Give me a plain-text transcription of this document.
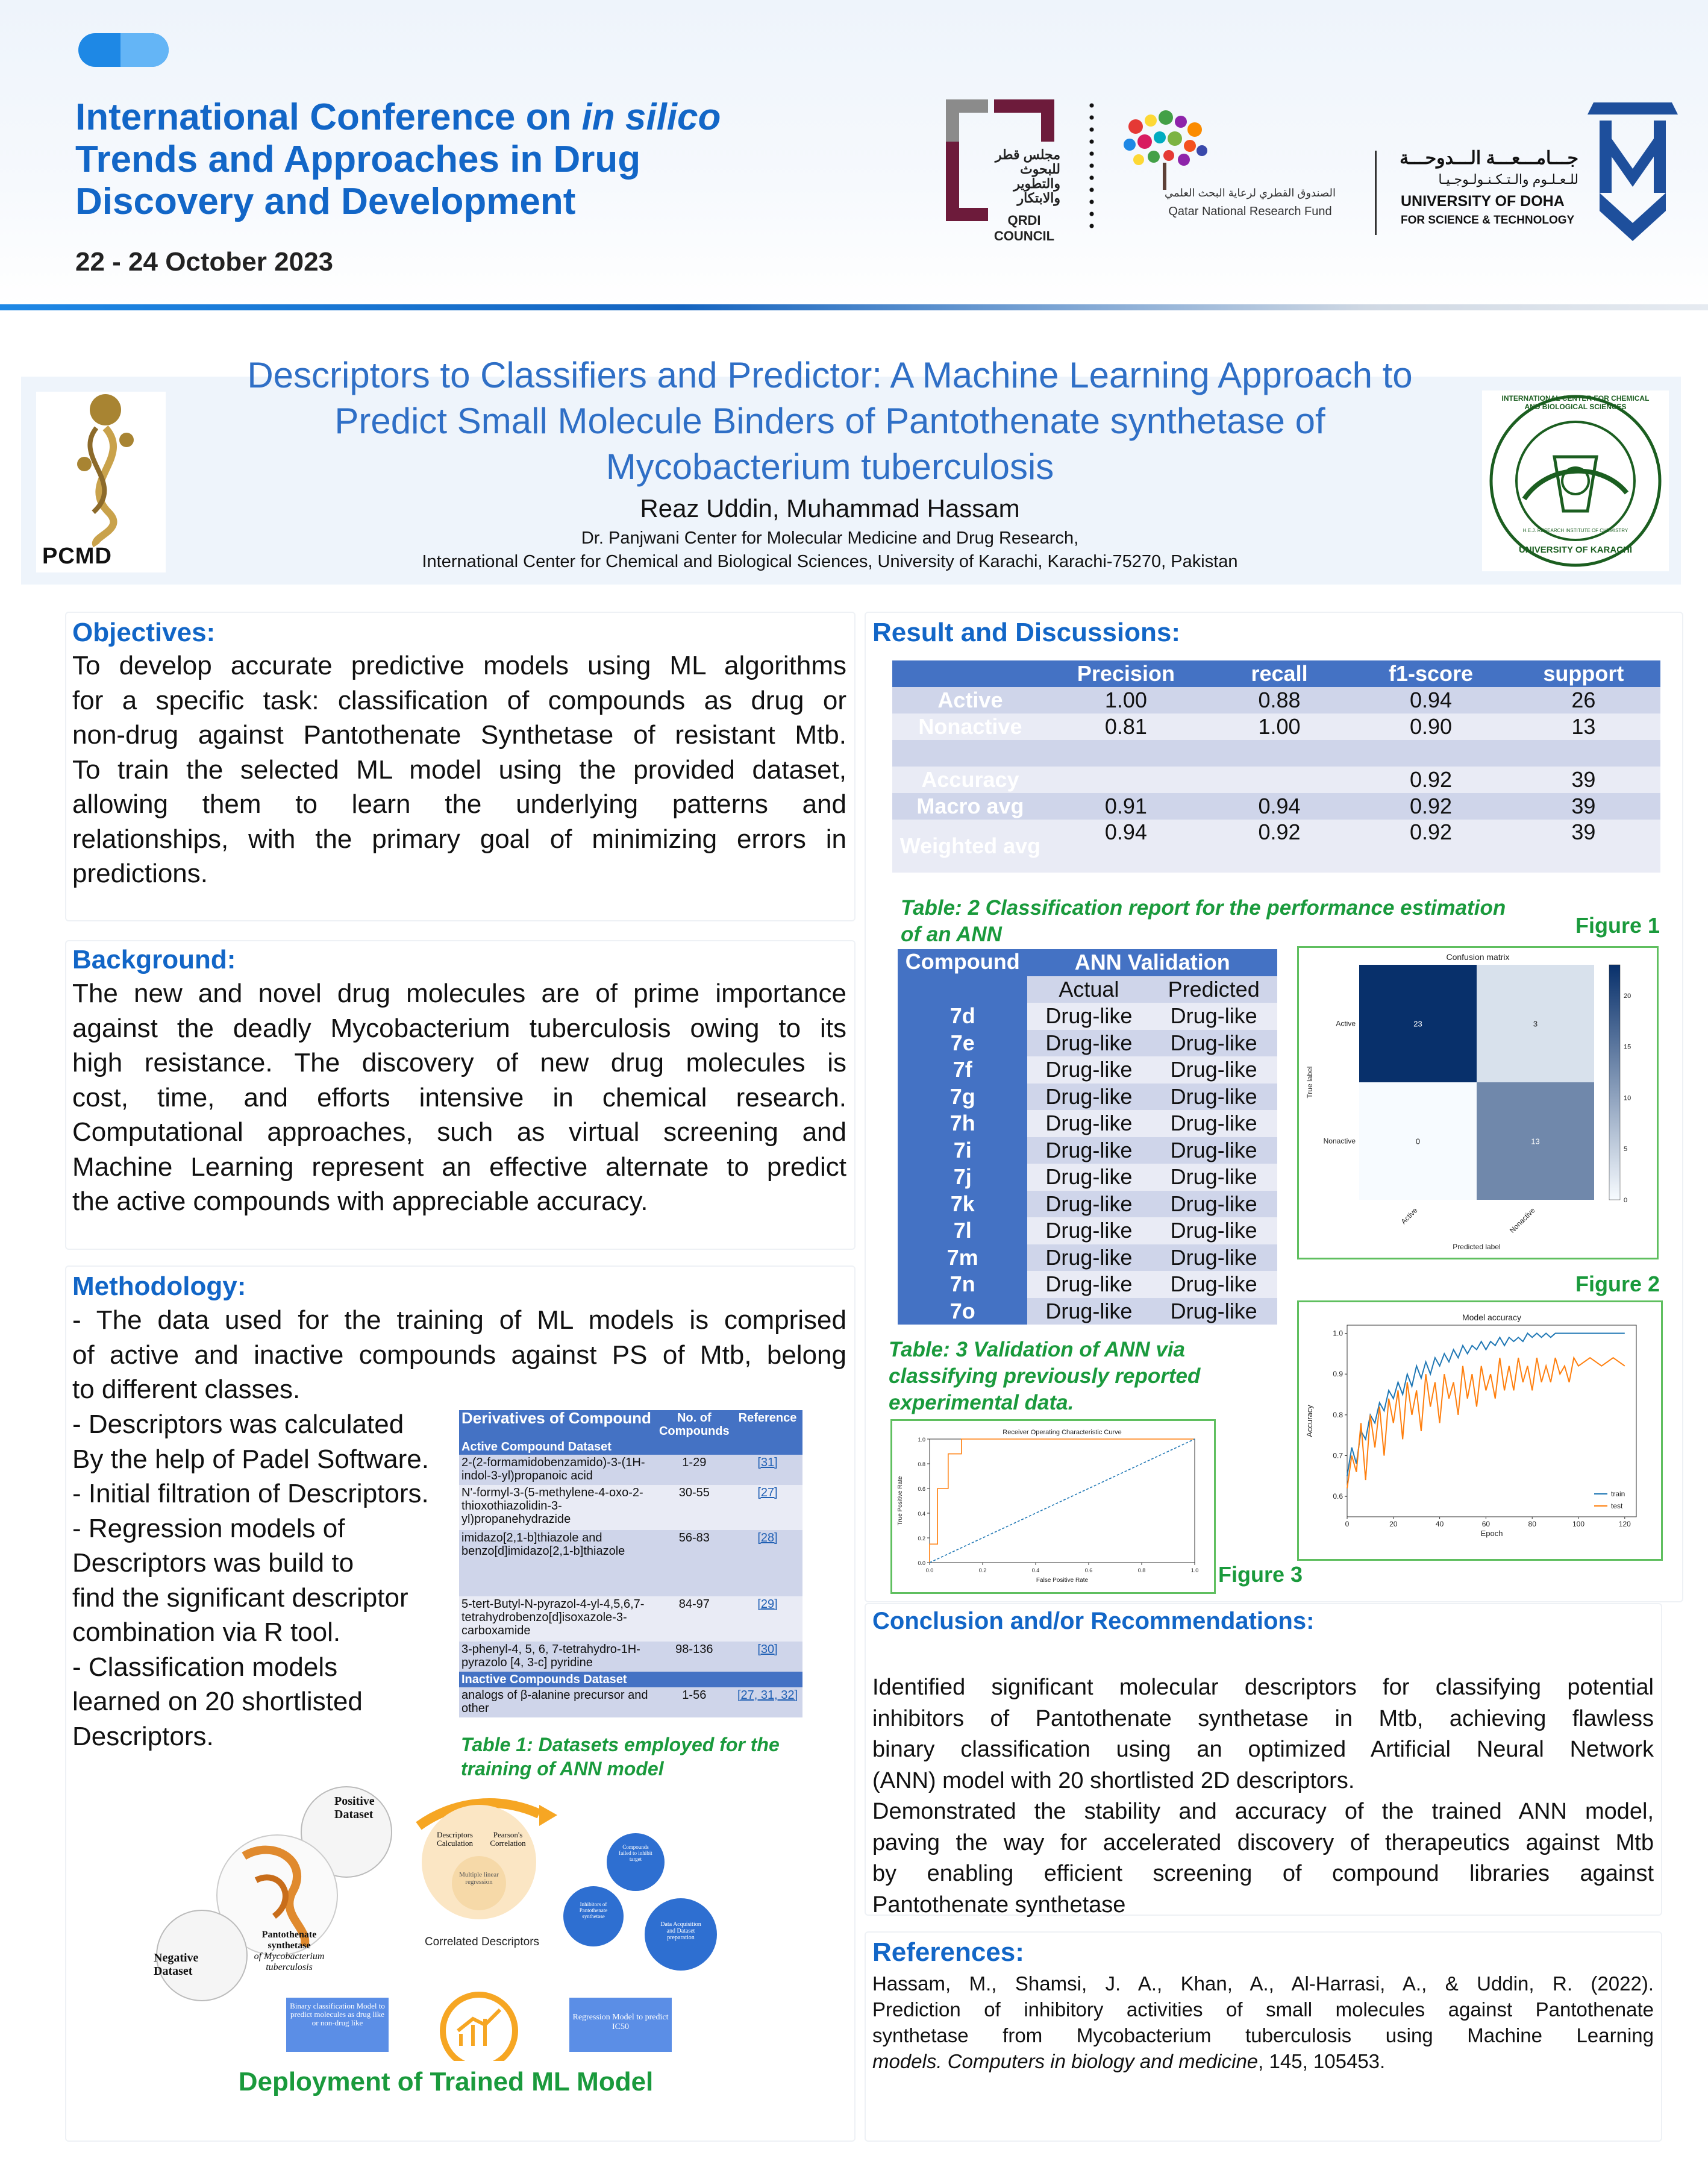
International Conference on in silico
Trends and Approaches in Drug
Discovery and Development
22 - 24 October 2023
مجلس قطر للبحوث والتطوير والابتكار
QRDI COUNCIL
الصندوق القطري لرعاية البحث العلمي
Qatar National Research Fund
جـــامـــعـــة الـــدوحـــة
للـعـلـوم والـتـكـنـولـوجـيـا
UNIVERSITY OF DOHA
FOR SCIENCE & TECHNOLOGY
PCMD
INTERNATIONAL CENTER FOR CHEMICAL AND BIOLOGICAL SCIENCES
H.E.J. RESEARCH INSTITUTE OF CHEMISTRY
UNIVERSITY OF KARACHI
Descriptors to Classifiers and Predictor: A Machine Learning Approach to
Predict Small Molecule Binders of Pantothenate synthetase of
Mycobacterium tuberculosis
Reaz Uddin, Muhammad Hassam
Dr. Panjwani Center for Molecular Medicine and Drug Research,
International Center for Chemical and Biological Sciences, University of Karachi, Karachi-75270, Pakistan
Objectives:
To develop accurate predictive models using ML algorithms
for a specific task: classification of compounds as drug or
non-drug against Pantothenate Synthetase of resistant Mtb.
To train the selected ML model using the provided dataset,
allowing them to learn the underlying patterns and
relationships, with the primary goal of minimizing errors in
predictions.
Background:
The new and novel drug molecules are of prime importance
against the deadly Mycobacterium tuberculosis owing to its
high resistance. The discovery of new drug molecules is
cost, time, and efforts intensive in chemical research.
Computational approaches, such as virtual screening and
Machine Learning represent an effective alternate to predict
the active compounds with appreciable accuracy.
Methodology:
- The data used for the training of ML models is comprised
of active and inactive compounds against PS of Mtb, belong
to different classes.
- Descriptors was calculated
By the help of Padel Software.
- Initial filtration of Descriptors.
- Regression models of
Descriptors was build to
find the significant descriptor
combination via R tool.
- Classification models
learned on 20 shortlisted
Descriptors.
Derivatives of Compound	No. of Compounds	Reference
Active Compound Dataset		
2-(2-formamidobenzamido)-3-(1H-indol-3-yl)propanoic acid	1-29	[31]
N'-formyl-3-(5-methylene-4-oxo-2-thioxothiazolidin-3-yl)propanehydrazide	30-55	[27]
imidazo[2,1-b]thiazole and benzo[d]imidazo[2,1-b]thiazole	56-83	[28]
5-tert-Butyl-N-pyrazol-4-yl-4,5,6,7-tetrahydrobenzo[d]isoxazole-3-carboxamide	84-97	[29]
3-phenyl-4, 5, 6, 7-tetrahydro-1H-pyrazolo [4, 3-c] pyridine	98-136	[30]
Inactive Compounds Dataset		
analogs of β-alanine precursor and other	1-56	[27, 31, 32]
Table 1: Datasets employed for the
training of ANN model
Positive Dataset
Negative Dataset
Pantothenate synthetase
of Mycobacterium
tuberculosis
Descriptors Calculation
Pearson's Correlation
Multiple linear regression
Correlated Descriptors
Compounds failed to inhibit target
Inhibitors of Pantothenate synthetase
Data Acquisition and Dataset preparation
Binary classification Model to predict molecules as drug like or non-drug like
Regression Model to predict IC50
Deployment of Trained ML Model
Result and Discussions:
	Precision	recall	f1-score	support
Active	1.00	0.88	0.94	26
Nonactive	0.81	1.00	0.90	13

Accuracy			0.92	39
Macro avg	0.91	0.94	0.92	39
Weighted avg	0.94	0.92	0.92	39
Table: 2 Classification report for the performance estimation
of an ANN	Figure 1
Compound	ANN Validation	
	Actual	Predicted
7d	Drug-like	Drug-like
7e	Drug-like	Drug-like
7f	Drug-like	Drug-like
7g	Drug-like	Drug-like
7h	Drug-like	Drug-like
7i	Drug-like	Drug-like
7j	Drug-like	Drug-like
7k	Drug-like	Drug-like
7l	Drug-like	Drug-like
7m	Drug-like	Drug-like
7n	Drug-like	Drug-like
7o	Drug-like	Drug-like
Table: 3 Validation of ANN via
classifying previously reported
experimental data.
Confusion matrix
23	3
0	13
Active
Nonactive
Active	Nonactive
Predicted label
True label
0
5
10
15
20
Figure 2
Model accuracy
0	20	40	60	80	100	120
0.6
0.7
0.8
0.9
1.0
Epoch
Accuracy
train
test
Receiver Operating Characteristic Curve
0.0	0.2	0.4	0.6	0.8	1.0
0.0
0.2
0.4
0.6
0.8
1.0
False Positive Rate
True Positive Rate
Figure 3
Conclusion and/or Recommendations:
Identified significant molecular descriptors for classifying potential
inhibitors of Pantothenate synthetase in Mtb, achieving flawless
binary classification using an optimized Artificial Neural Network
(ANN) model with 20 shortlisted 2D descriptors.
Demonstrated the stability and accuracy of the trained ANN model,
paving the way for accelerated discovery of therapeutics against Mtb
by enabling efficient screening of compound libraries against
Pantothenate synthetase
References:
Hassam, M., Shamsi, J. A., Khan, A., Al-Harrasi, A., & Uddin, R. (2022).
Prediction of inhibitory activities of small molecules against Pantothenate
synthetase from Mycobacterium tuberculosis using Machine Learning
models. Computers in biology and medicine, 145, 105453.
